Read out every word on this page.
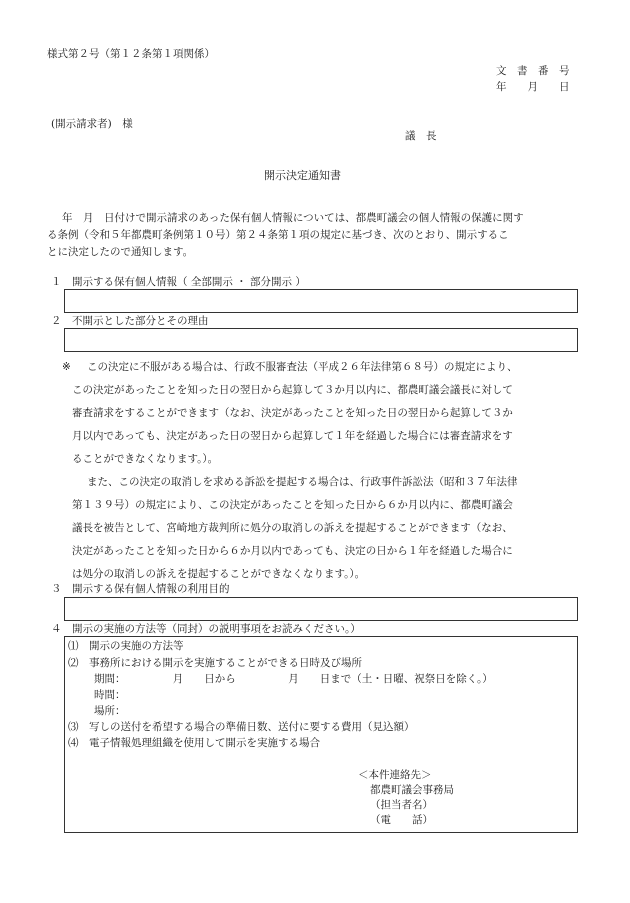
様式第２号（第１２条第１項関係）
文　書　番　号
年　　月　　日
(開示請求者)　様
議　長
開示決定通知書
年　月　日付けで開示請求のあった保有個人情報については、都農町議会の個人情報の保護に関す
る条例（令和５年都農町条例第１０号）第２４条第１項の規定に基づき、次のとおり、開示するこ
とに決定したので通知します。
１ 開示する保有個人情報（ 全部開示 ・ 部分開示 ）
２ 不開示とした部分とその理由
※ この決定に不服がある場合は、行政不服審査法（平成２６年法律第６８号）の規定により、
この決定があったことを知った日の翌日から起算して３か月以内に、都農町議会議長に対して
審査請求をすることができます（なお、決定があったことを知った日の翌日から起算して３か
月以内であっても、決定があった日の翌日から起算して１年を経過した場合には審査請求をす
ることができなくなります。）。
また、この決定の取消しを求める訴訟を提起する場合は、行政事件訴訟法（昭和３７年法律
第１３９号）の規定により、この決定があったことを知った日から６か月以内に、都農町議会
議長を被告として、宮崎地方裁判所に処分の取消しの訴えを提起することができます（なお、
決定があったことを知った日から６か月以内であっても、決定の日から１年を経過した場合に
は処分の取消しの訴えを提起することができなくなります。）。
３ 開示する保有個人情報の利用目的
４ 開示の実施の方法等（同封）の説明事項をお読みください。）
⑴　開示の実施の方法等
⑵　事務所における開示を実施することができる日時及び場所
期間：　　　　　月　　日から　　　　　月　　日まで（土・日曜、祝祭日を除く。）
時間：
場所：
⑶　写しの送付を希望する場合の準備日数、送付に要する費用（見込額）
⑷　電子情報処理組織を使用して開示を実施する場合
＜本件連絡先＞
都農町議会事務局
（担当者名）
（電　　話）
